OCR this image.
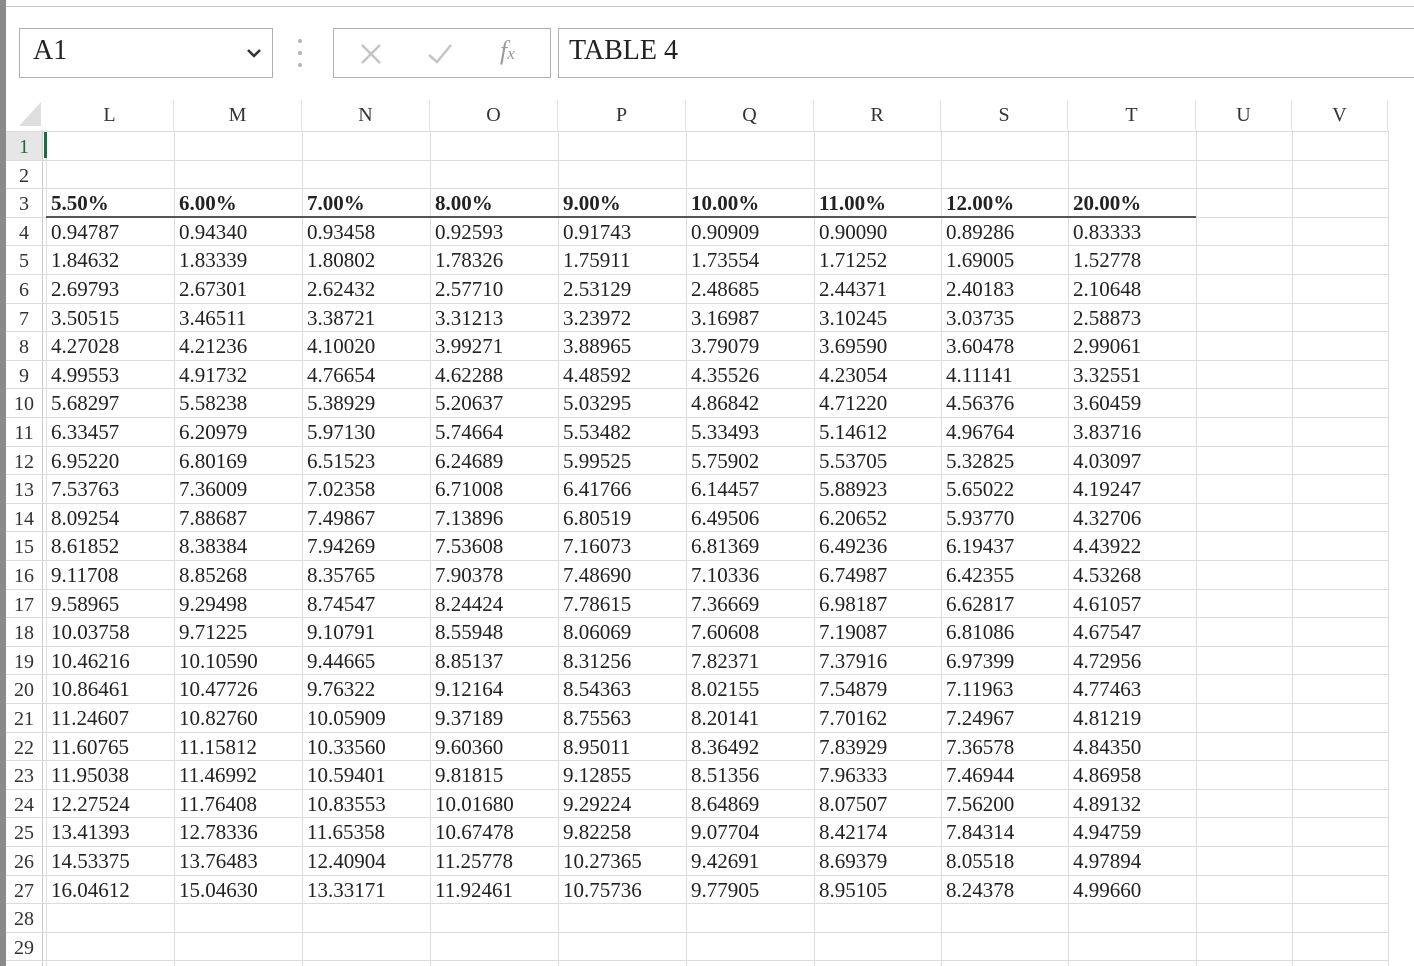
A1	fx TABLE 4
L	M	N	O	P	Q	R	S	T	U	V
1
2
3
4
5
6
7
8
9
10
11
12
13
14
15
16
17
18
19
20
21
22
23
24
25
26
27
28
29
5.50%	6.00%	7.00%	8.00%	9.00%	10.00%	11.00%	12.00%	20.00%
0.94787	0.94340	0.93458	0.92593	0.91743	0.90909	0.90090	0.89286	0.83333
1.84632	1.83339	1.80802	1.78326	1.75911	1.73554	1.71252	1.69005	1.52778
2.69793	2.67301	2.62432	2.57710	2.53129	2.48685	2.44371	2.40183	2.10648
3.50515	3.46511	3.38721	3.31213	3.23972	3.16987	3.10245	3.03735	2.58873
4.27028	4.21236	4.10020	3.99271	3.88965	3.79079	3.69590	3.60478	2.99061
4.99553	4.91732	4.76654	4.62288	4.48592	4.35526	4.23054	4.11141	3.32551
5.68297	5.58238	5.38929	5.20637	5.03295	4.86842	4.71220	4.56376	3.60459
6.33457	6.20979	5.97130	5.74664	5.53482	5.33493	5.14612	4.96764	3.83716
6.95220	6.80169	6.51523	6.24689	5.99525	5.75902	5.53705	5.32825	4.03097
7.53763	7.36009	7.02358	6.71008	6.41766	6.14457	5.88923	5.65022	4.19247
8.09254	7.88687	7.49867	7.13896	6.80519	6.49506	6.20652	5.93770	4.32706
8.61852	8.38384	7.94269	7.53608	7.16073	6.81369	6.49236	6.19437	4.43922
9.11708	8.85268	8.35765	7.90378	7.48690	7.10336	6.74987	6.42355	4.53268
9.58965	9.29498	8.74547	8.24424	7.78615	7.36669	6.98187	6.62817	4.61057
10.03758	9.71225	9.10791	8.55948	8.06069	7.60608	7.19087	6.81086	4.67547
10.46216	10.10590	9.44665	8.85137	8.31256	7.82371	7.37916	6.97399	4.72956
10.86461	10.47726	9.76322	9.12164	8.54363	8.02155	7.54879	7.11963	4.77463
11.24607	10.82760	10.05909	9.37189	8.75563	8.20141	7.70162	7.24967	4.81219
11.60765	11.15812	10.33560	9.60360	8.95011	8.36492	7.83929	7.36578	4.84350
11.95038	11.46992	10.59401	9.81815	9.12855	8.51356	7.96333	7.46944	4.86958
12.27524	11.76408	10.83553	10.01680	9.29224	8.64869	8.07507	7.56200	4.89132
13.41393	12.78336	11.65358	10.67478	9.82258	9.07704	8.42174	7.84314	4.94759
14.53375	13.76483	12.40904	11.25778	10.27365	9.42691	8.69379	8.05518	4.97894
16.04612	15.04630	13.33171	11.92461	10.75736	9.77905	8.95105	8.24378	4.99660
